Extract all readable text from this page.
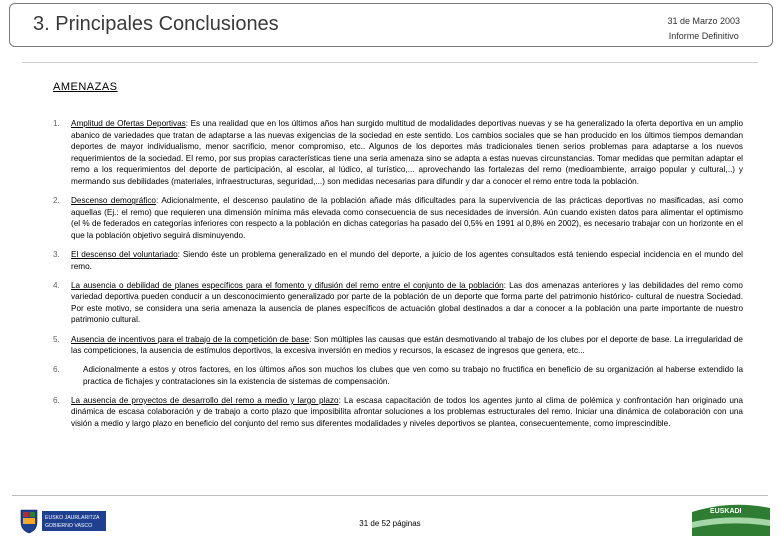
3. Principales Conclusiones	31 de Marzo 2003
Informe Definitivo
AMENAZAS
1. Amplitud de Ofertas Deportivas: Es una realidad que en los últimos años han surgido multitud de modalidades deportivas nuevas y se ha generalizado la oferta deportiva en un amplio abanico de variedades que tratan de adaptarse a las nuevas exigencias de la sociedad en este sentido. Los cambios sociales que se han producido en los últimos tiempos demandan deportes de mayor individualismo, menor sacrificio, menor compromiso, etc.. Algunos de los deportes más tradicionales tienen serios problemas para adaptarse a los nuevos requerimientos de la sociedad. El remo, por sus propias características tiene una seria amenaza sino se adapta a estas nuevas circunstancias. Tomar medidas que permitan adaptar el remo a los requerimientos del deporte de participación, al escolar, al lúdico, al turístico,... aprovechando las fortalezas del remo (medioambiente, arraigo popular y cultural,..) y mermando sus debilidades (materiales, infraestructuras, seguridad,...) son medidas necesarias para difundir y dar a conocer el remo entre toda la población.
2. Descenso demográfico: Adicionalmente, el descenso paulatino de la población añade más dificultades para la supervivencia de las prácticas deportivas no masificadas, así como aquellas (Ej.: el remo) que requieren una dimensión mínima más elevada como consecuencia de sus necesidades de inversión. Aún cuando existen datos para alimentar el optimismo (el % de federados en categorías inferiores con respecto a la población en dichas categorías ha pasado del 0,5% en 1991 al 0,8% en 2002), es necesario trabajar con un horizonte en el que la población objetivo seguirá disminuyendo.
3. El descenso del voluntariado: Siendo éste un problema generalizado en el mundo del deporte, a juicio de los agentes consultados está teniendo especial incidencia en el mundo del remo.
4. La ausencia o debilidad de planes específicos para el fomento y difusión del remo entre el conjunto de la población: Las dos amenazas anteriores y las debilidades del remo como variedad deportiva pueden conducir a un desconocimiento generalizado por parte de la población de un deporte que forma parte del patrimonio histórico- cultural de nuestra Sociedad. Por este motivo, se considera una seria amenaza la ausencia de planes específicos de actuación global destinados a dar a conocer a la población una parte importante de nuestro patrimonio cultural.
5. Ausencia de incentivos para el trabajo de la competición de base: Son múltiples las causas que están desmotivando al trabajo de los clubes por el deporte de base. La irregularidad de las competiciones, la ausencia de estímulos deportivos, la excesiva inversión en medios y recursos, la escasez de ingresos que genera, etc...
6.	Adicionalmente a estos y otros factores, en los últimos años son muchos los clubes que ven como su trabajo no fructifica en beneficio de su organización al haberse extendido la practica de fichajes y contrataciones sin la existencia de sistemas de compensación.
6. La ausencia de proyectos de desarrollo del remo a medio y largo plazo: La escasa capacitación de todos los agentes junto al clima de polémica y confrontación han originado una dinámica de escasa colaboración y de trabajo a corto plazo que imposibilita afrontar soluciones a los problemas estructurales del remo. Iniciar una dinámica de colaboración con una visión a medio y largo plazo en beneficio del conjunto del remo sus diferentes modalidades y niveles deportivos se plantea, consecuentemente, como imprescindible.
EUSKO JAURLARITZA
GOBIERNO VASCO	31 de 52 páginas
EUSKADI
